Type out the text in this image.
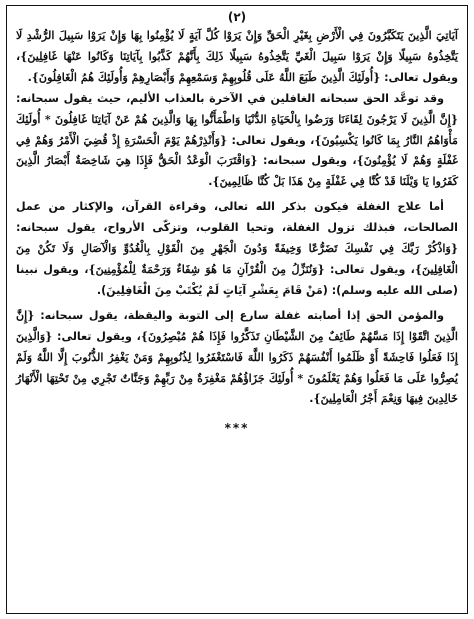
(٢)

آيَاتِيَ الَّذِينَ يَتَكَبَّرُونَ فِي الْأَرْضِ بِغَيْرِ الْحَقِّ وَإِنْ يَرَوْا كُلَّ آيَةٍ لَا يُؤْمِنُوا بِهَا وَإِنْ يَرَوْا سَبِيلَ الرُّشْدِ لَا يَتَّخِذُوهُ سَبِيلًا وَإِنْ يَرَوْا سَبِيلَ الْغَيِّ يَتَّخِذُوهُ سَبِيلًا ذَلِكَ بِأَنَّهُمْ كَذَّبُوا بِآيَاتِنَا وَكَانُوا عَنْهَا غَافِلِينَ}، ويقول تعالى: {أُولَئِكَ الَّذِينَ طَبَعَ اللَّهُ عَلَى قُلُوبِهِمْ وَسَمْعِهِمْ وَأَبْصَارِهِمْ وَأُولَئِكَ هُمُ الْغَافِلُونَ}.

وقد توعَّد الحق سبحانه الغافلين في الآخرة بالعذاب الأليم، حيث يقول سبحانه: {إِنَّ الَّذِينَ لَا يَرْجُونَ لِقَاءَنَا وَرَضُوا بِالْحَيَاةِ الدُّنْيَا وَاطْمَأَنُّوا بِهَا وَالَّذِينَ هُمْ عَنْ آيَاتِنَا غَافِلُونَ * أُولَئِكَ مَأْوَاهُمُ النَّارُ بِمَا كَانُوا يَكْسِبُونَ}، ويقول تعالى: {وَأَنْذِرْهُمْ يَوْمَ الْحَسْرَةِ إِذْ قُضِيَ الْأَمْرُ وَهُمْ فِي غَفْلَةٍ وَهُمْ لَا يُؤْمِنُونَ}، ويقول سبحانه: {وَاقْتَرَبَ الْوَعْدُ الْحَقُّ فَإِذَا هِيَ شَاخِصَةٌ أَبْصَارُ الَّذِينَ كَفَرُوا يَا وَيْلَنَا قَدْ كُنَّا فِي غَفْلَةٍ مِنْ هَذَا بَلْ كُنَّا ظَالِمِينَ}.

أما علاج الغفلة فيكون بذكر الله تعالى، وقراءة القرآن، والإكثار من عمل الصالحات، فبذلك تزول الغفلة، وتحيا القلوب، وتزكّى الأرواح، يقول سبحانه: {وَاذْكُرْ رَبَّكَ فِي نَفْسِكَ تَضَرُّعًا وَخِيفَةً وَدُونَ الْجَهْرِ مِنَ الْقَوْلِ بِالْغُدُوِّ وَالْآصَالِ وَلَا تَكُنْ مِنَ الْغَافِلِينَ}، ويقول تعالى: {وَنُنَزِّلُ مِنَ الْقُرْآنِ مَا هُوَ شِفَاءٌ وَرَحْمَةٌ لِلْمُؤْمِنِينَ}، ويقول نبينا (صلى الله عليه وسلم): (مَنْ قَامَ بِعَشْرِ آيَاتٍ لَمْ يُكْتَبْ مِنَ الْغَافِلِينَ).

والمؤمن الحق إذا أصابته غفلة سارع إلى التوبة واليقظة، يقول سبحانه: {إِنَّ الَّذِينَ اتَّقَوْا إِذَا مَسَّهُمْ طَائِفٌ مِنَ الشَّيْطَانِ تَذَكَّرُوا فَإِذَا هُمْ مُبْصِرُونَ}، ويقول تعالى: {وَالَّذِينَ إِذَا فَعَلُوا فَاحِشَةً أَوْ ظَلَمُوا أَنْفُسَهُمْ ذَكَرُوا اللَّهَ فَاسْتَغْفَرُوا لِذُنُوبِهِمْ وَمَنْ يَغْفِرُ الذُّنُوبَ إِلَّا اللَّهُ وَلَمْ يُصِرُّوا عَلَى مَا فَعَلُوا وَهُمْ يَعْلَمُونَ * أُولَئِكَ جَزَاؤُهُمْ مَغْفِرَةٌ مِنْ رَبِّهِمْ وَجَنَّاتٌ تَجْرِي مِنْ تَحْتِهَا الْأَنْهَارُ خَالِدِينَ فِيهَا وَنِعْمَ أَجْرُ الْعَامِلِينَ}.

***
